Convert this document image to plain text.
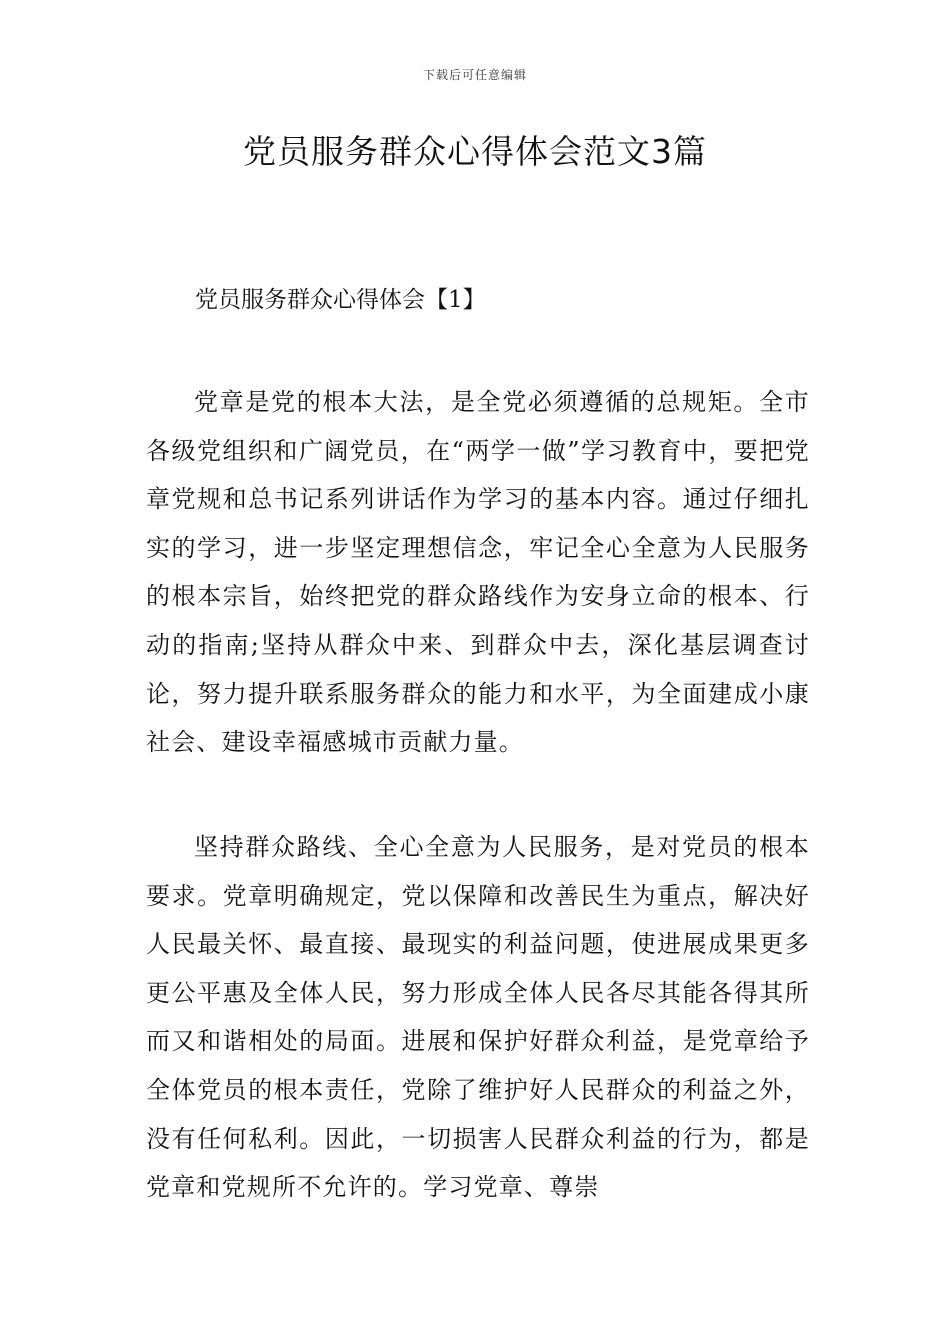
下载后可任意编辑
党员服务群众心得体会范文3篇
党员服务群众心得体会【1】

党章是党的根本大法，是全党必须遵循的总规矩。全市各级党组织和广阔党员，在“两学一做”学习教育中，要把党章党规和总书记系列讲话作为学习的基本内容。通过仔细扎实的学习，进一步坚定理想信念，牢记全心全意为人民服务的根本宗旨，始终把党的群众路线作为安身立命的根本、行动的指南;坚持从群众中来、到群众中去，深化基层调查讨论，努力提升联系服务群众的能力和水平，为全面建成小康社会、建设幸福感城市贡献力量。

坚持群众路线、全心全意为人民服务，是对党员的根本要求。党章明确规定，党以保障和改善民生为重点，解决好人民最关怀、最直接、最现实的利益问题，使进展成果更多更公平惠及全体人民，努力形成全体人民各尽其能各得其所而又和谐相处的局面。进展和保护好群众利益，是党章给予全体党员的根本责任，党除了维护好人民群众的利益之外，没有任何私利。因此，一切损害人民群众利益的行为，都是党章和党规所不允许的。学习党章、尊崇
